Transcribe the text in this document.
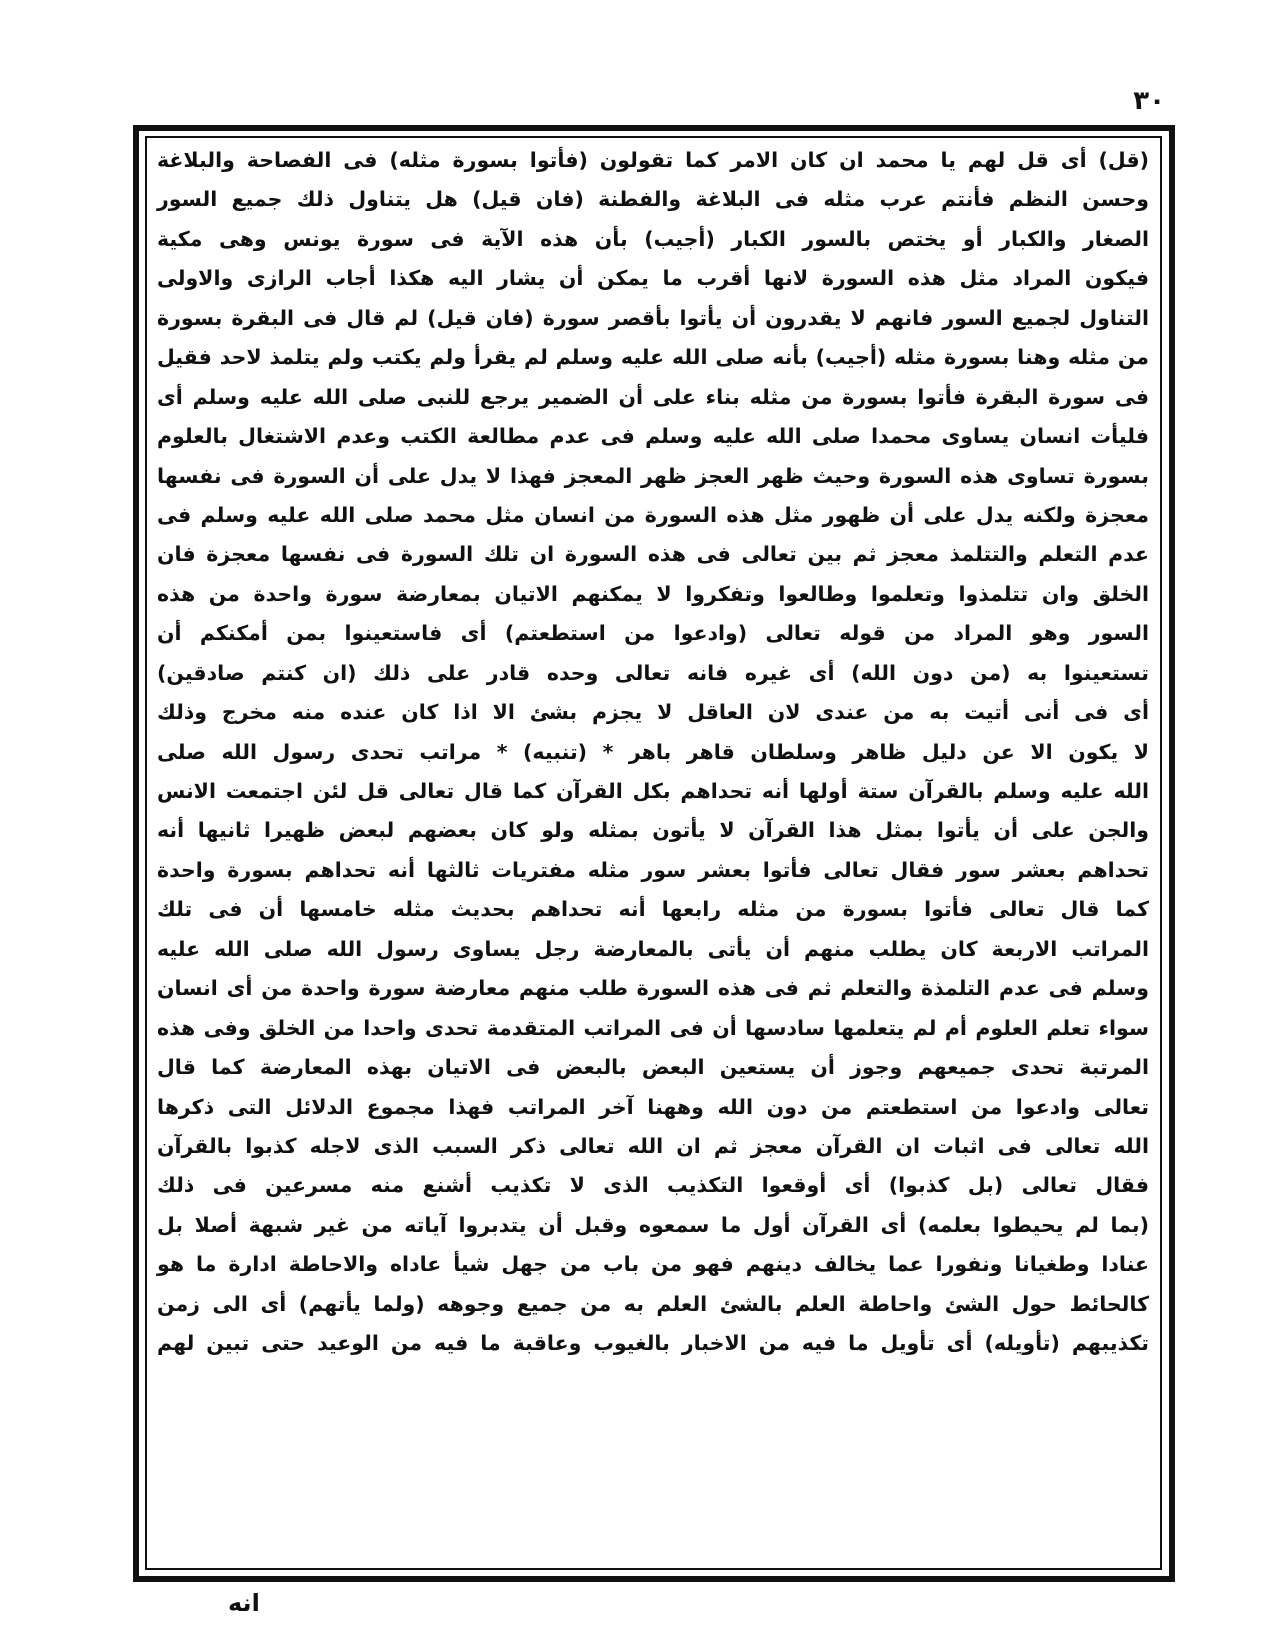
٣٠
(قل) أى قل لهم يا محمد ان كان الامر كما تقولون (فأتوا بسورة مثله) فى الفصاحة والبلاغة
وحسن النظم فأنتم عرب مثله فى البلاغة والفطنة (فان قيل) هل يتناول ذلك جميع السور
الصغار والكبار أو يختص بالسور الكبار (أجيب) بأن هذه الآية فى سورة يونس وهى مكية
فيكون المراد مثل هذه السورة لانها أقرب ما يمكن أن يشار اليه هكذا أجاب الرازى والاولى
التناول لجميع السور فانهم لا يقدرون أن يأتوا بأقصر سورة (فان قيل) لم قال فى البقرة بسورة
من مثله وهنا بسورة مثله (أجيب) بأنه صلى الله عليه وسلم لم يقرأ ولم يكتب ولم يتلمذ لاحد فقيل
فى سورة البقرة فأتوا بسورة من مثله بناء على أن الضمير يرجع للنبى صلى الله عليه وسلم أى
فليأت انسان يساوى محمدا صلى الله عليه وسلم فى عدم مطالعة الكتب وعدم الاشتغال بالعلوم
بسورة تساوى هذه السورة وحيث ظهر العجز ظهر المعجز فهذا لا يدل على أن السورة فى نفسها
معجزة ولكنه يدل على أن ظهور مثل هذه السورة من انسان مثل محمد صلى الله عليه وسلم فى
عدم التعلم والتتلمذ معجز ثم بين تعالى فى هذه السورة ان تلك السورة فى نفسها معجزة فان
الخلق وان تتلمذوا وتعلموا وطالعوا وتفكروا لا يمكنهم الاتيان بمعارضة سورة واحدة من هذه
السور وهو المراد من قوله تعالى (وادعوا من استطعتم) أى فاستعينوا بمن أمكنكم أن
تستعينوا به (من دون الله) أى غيره فانه تعالى وحده قادر على ذلك (ان كنتم صادقين)
أى فى أنى أتيت به من عندى لان العاقل لا يجزم بشئ الا اذا كان عنده منه مخرج وذلك
لا يكون الا عن دليل ظاهر وسلطان قاهر باهر * (تنبيه) * مراتب تحدى رسول الله صلى
الله عليه وسلم بالقرآن ستة أولها أنه تحداهم بكل القرآن كما قال تعالى قل لئن اجتمعت الانس
والجن على أن يأتوا بمثل هذا القرآن لا يأتون بمثله ولو كان بعضهم لبعض ظهيرا ثانيها أنه
تحداهم بعشر سور فقال تعالى فأتوا بعشر سور مثله مفتريات ثالثها أنه تحداهم بسورة واحدة
كما قال تعالى فأتوا بسورة من مثله رابعها أنه تحداهم بحديث مثله خامسها أن فى تلك
المراتب الاربعة كان يطلب منهم أن يأتى بالمعارضة رجل يساوى رسول الله صلى الله عليه
وسلم فى عدم التلمذة والتعلم ثم فى هذه السورة طلب منهم معارضة سورة واحدة من أى انسان
سواء تعلم العلوم أم لم يتعلمها سادسها أن فى المراتب المتقدمة تحدى واحدا من الخلق وفى هذه
المرتبة تحدى جميعهم وجوز أن يستعين البعض بالبعض فى الاتيان بهذه المعارضة كما قال
تعالى وادعوا من استطعتم من دون الله وههنا آخر المراتب فهذا مجموع الدلائل التى ذكرها
الله تعالى فى اثبات ان القرآن معجز ثم ان الله تعالى ذكر السبب الذى لاجله كذبوا بالقرآن
فقال تعالى (بل كذبوا) أى أوقعوا التكذيب الذى لا تكذيب أشنع منه مسرعين فى ذلك
(بما لم يحيطوا بعلمه) أى القرآن أول ما سمعوه وقبل أن يتدبروا آياته من غير شبهة أصلا بل
عنادا وطغيانا ونفورا عما يخالف دينهم فهو من باب من جهل شيأ عاداه والاحاطة ادارة ما هو
كالحائط حول الشئ واحاطة العلم بالشئ العلم به من جميع وجوهه (ولما يأتهم) أى الى زمن
تكذيبهم (تأويله) أى تأويل ما فيه من الاخبار بالغيوب وعاقبة ما فيه من الوعيد حتى تبين لهم
انه
